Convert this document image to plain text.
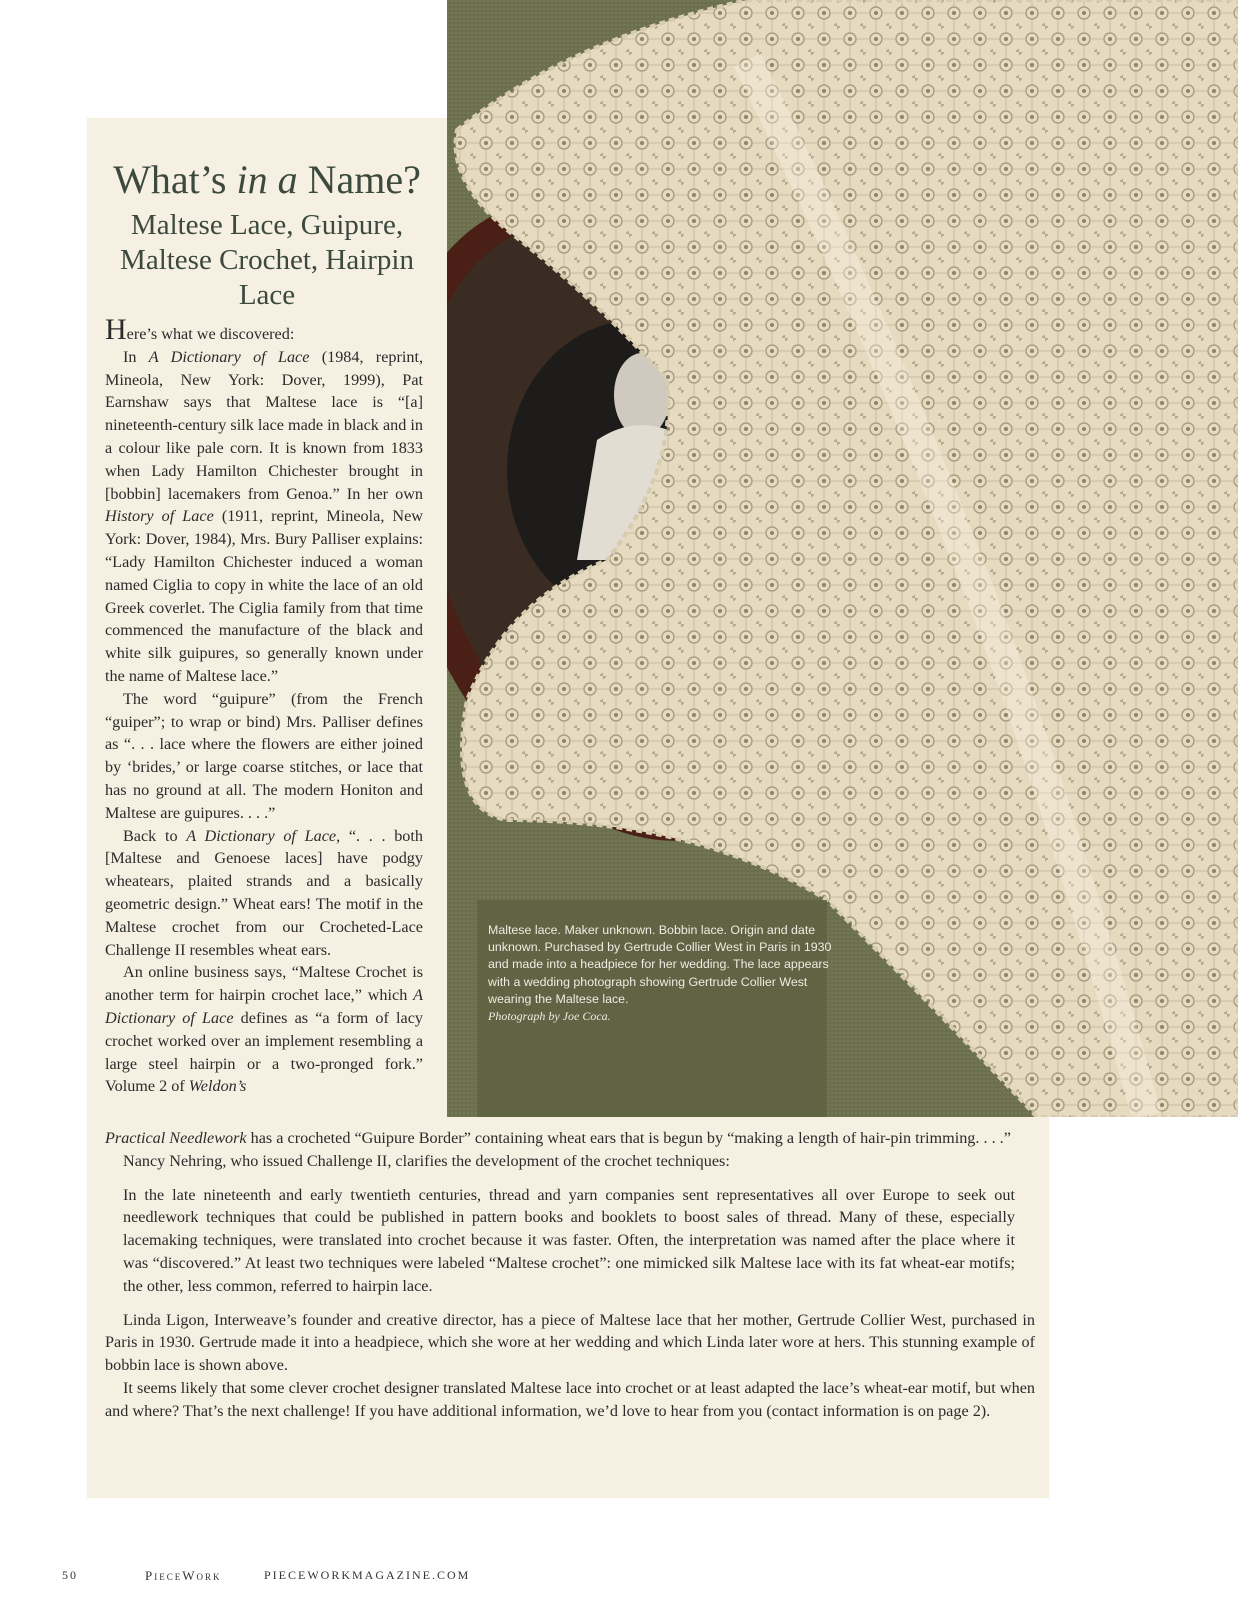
What’s in a Name?
Maltese Lace, Guipure, Maltese Crochet, Hairpin Lace

Here’s what we discovered:

In A Dictionary of Lace (1984, reprint, Mineola, New York: Dover, 1999), Pat Earnshaw says that Maltese lace is “[a] nineteenth-century silk lace made in black and in a colour like pale corn. It is known from 1833 when Lady Hamilton Chichester brought in [bobbin] lacemakers from Genoa.” In her own History of Lace (1911, reprint, Mineola, New York: Dover, 1984), Mrs. Bury Palliser explains: “Lady Hamilton Chichester induced a woman named Ciglia to copy in white the lace of an old Greek coverlet. The Ciglia family from that time commenced the manufacture of the black and white silk guipures, so generally known under the name of Maltese lace.”

The word “guipure” (from the French “guiper”; to wrap or bind) Mrs. Palliser defines as “. . . lace where the flowers are either joined by ‘brides,’ or large coarse stitches, or lace that has no ground at all. The modern Honiton and Maltese are guipures. . . .”

Back to A Dictionary of Lace, “. . . both [Maltese and Genoese laces] have podgy wheatears, plaited strands and a basically geometric design.” Wheat ears! The motif in the Maltese crochet from our Crocheted-Lace Challenge II resembles wheat ears.

An online business says, “Maltese Crochet is another term for hairpin crochet lace,” which A Dictionary of Lace defines as “a form of lacy crochet worked over an implement resembling a large steel hairpin or a two-pronged fork.” Volume 2 of Weldon’s

Practical Needlework has a crocheted “Guipure Border” containing wheat ears that is begun by “making a length of hair-pin trimming. . . .”

Nancy Nehring, who issued Challenge II, clarifies the development of the crochet techniques:

In the late nineteenth and early twentieth centuries, thread and yarn companies sent representatives all over Europe to seek out needlework techniques that could be published in pattern books and booklets to boost sales of thread. Many of these, especially lacemaking techniques, were translated into crochet because it was faster. Often, the interpretation was named after the place where it was “discovered.” At least two techniques were labeled “Maltese crochet”: one mimicked silk Maltese lace with its fat wheat-ear motifs; the other, less common, referred to hairpin lace.

Linda Ligon, Interweave’s founder and creative director, has a piece of Maltese lace that her mother, Gertrude Collier West, purchased in Paris in 1930. Gertrude made it into a headpiece, which she wore at her wedding and which Linda later wore at hers. This stunning example of bobbin lace is shown above.

It seems likely that some clever crochet designer translated Maltese lace into crochet or at least adapted the lace’s wheat-ear motif, but when and where? That’s the next challenge! If you have additional information, we’d love to hear from you (contact information is on page 2).

Maltese lace. Maker unknown. Bobbin lace. Origin and date unknown. Purchased by Gertrude Collier West in Paris in 1930 and made into a headpiece for her wedding. The lace appears with a wedding photograph showing Gertrude Collier West wearing the Maltese lace.
Photograph by Joe Coca.
50	PieceWork	PIECEWORKMAGAZINE.COM
